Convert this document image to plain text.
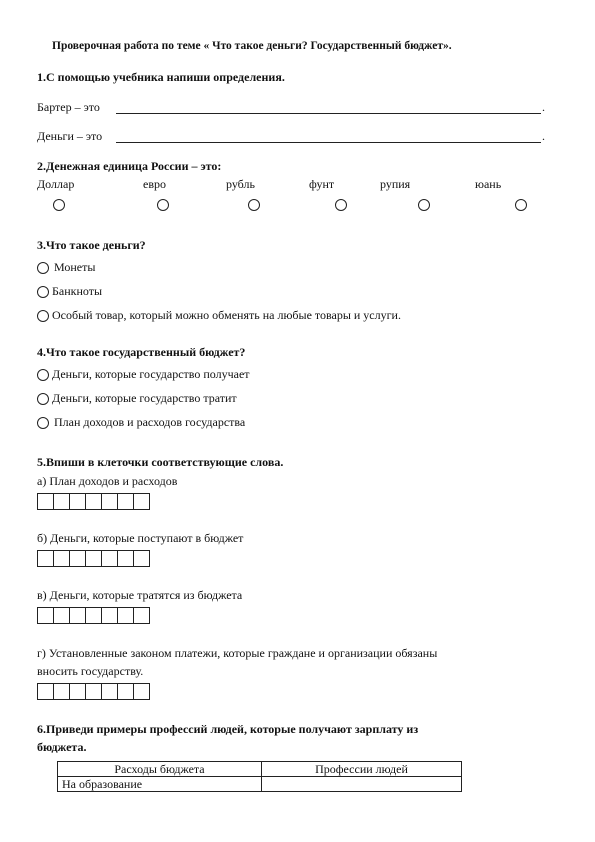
Проверочная работа по теме « Что такое деньги? Государственный бюджет».
1.С помощью учебника напиши определения.
Бартер – это	.
Деньги – это	.
2.Денежная единица России – это:
Доллар	евро	рубль	фунт	рупия	юань
3.Что такое деньги?
Монеты
Банкноты
Особый товар, который можно обменять на любые товары и услуги.
4.Что такое государственный бюджет?
Деньги, которые государство получает
Деньги, которые государство тратит
План доходов и расходов государства
5.Впиши в клеточки соответствующие слова.
а) План доходов и расходов
б) Деньги, которые поступают в бюджет
в) Деньги, которые тратятся из бюджета
г) Установленные законом платежи, которые граждане и организации обязаны
вносить государству.
6.Приведи примеры профессий людей, которые получают зарплату из
бюджета.
Расходы бюджета	Профессии людей
На образование	
